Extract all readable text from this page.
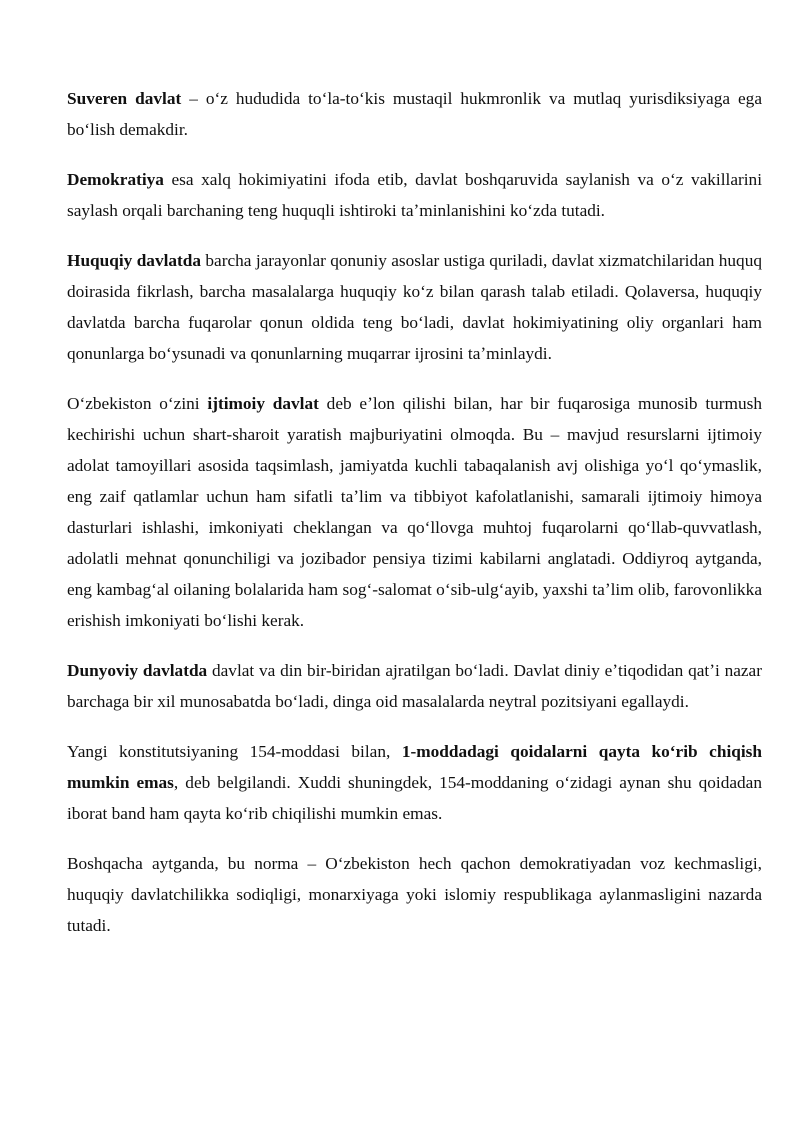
Suveren davlat – oʻz hududida toʻla-toʻkis mustaqil hukmronlik va mutlaq yurisdiksiyaga egа boʻlish demakdir.

Demokratiya esa xalq hokimiyatini ifoda etib, davlat boshqaruvida saylanish va oʻz vakillarini saylash orqali barchaning teng huquqli ishtiroki taʼminlanishini koʻzda tutadi.

Huquqiy davlatda barcha jarayonlar qonuniy asoslar ustiga quriladi, davlat xizmatchilaridan huquq doirasida fikrlash, barcha masalalarga huquqiy koʻz bilan qarash talab etiladi. Qolaversa, huquqiy davlatda barcha fuqarolar qonun oldida teng boʻladi, davlat hokimiyatining oliy organlari ham qonunlarga boʻysunadi va qonunlarning muqarrar ijrosini taʼminlaydi.

Oʻzbekiston oʻzini ijtimoiy davlat deb eʼlon qilishi bilan, har bir fuqarosiga munosib turmush kechirishi uchun shart-sharoit yaratish majburiyatini olmoqda. Bu – mavjud resurslarni ijtimoiy adolat tamoyillari asosida taqsimlash, jamiyatda kuchli tabaqalanish avj olishiga yoʻl qoʻymaslik, eng zaif qatlamlar uchun ham sifatli taʼlim va tibbiyot kafolatlanishi, samarali ijtimoiy himoya dasturlari ishlashi, imkoniyati cheklangan va qoʻllovga muhtoj fuqarolarni qoʻllab-quvvatlash, adolatli mehnat qonunchiligi va jozibador pensiya tizimi kabilarni anglatadi. Oddiyroq aytganda, eng kambagʻal oilaning bolalarida ham sogʻ-salomat oʻsib-ulgʻayib, yaxshi taʼlim olib, farovonlikka erishish imkoniyati boʻlishi kerak.

Dunyoviy davlatda davlat va din bir-biridan ajratilgan boʻladi. Davlat diniy eʼtiqodidan qatʼi nazar barchaga bir xil munosabatda boʻladi, dinga oid masalalarda neytral pozitsiyani egallaydi.

Yangi konstitutsiyaning 154-moddasi bilan, 1-moddadagi qoidalarni qayta koʻrib chiqish mumkin emas, deb belgilandi. Xuddi shuningdek, 154-moddaning oʻzidagi aynan shu qoidadan iborat band ham qayta koʻrib chiqilishi mumkin emas.

Boshqacha aytganda, bu norma – Oʻzbekiston hech qachon demokratiyadan voz kechmasligi, huquqiy davlatchilikka sodiqligi, monarxiyaga yoki islomiy respublikaga aylanmasligini nazarda tutadi.
